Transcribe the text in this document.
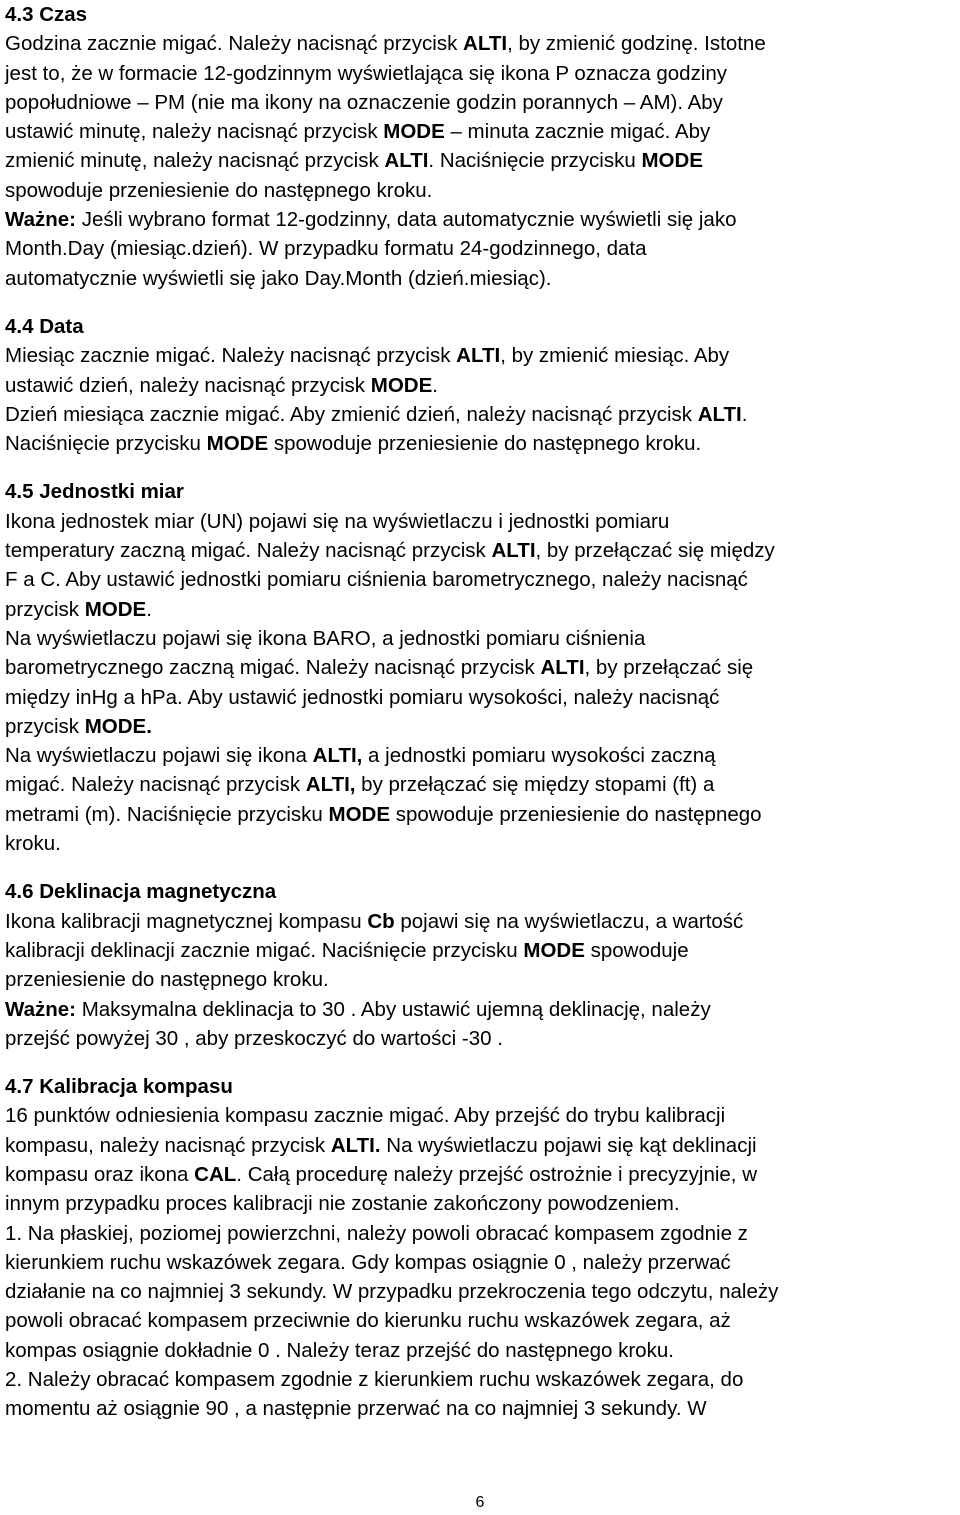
4.3 Czas
Godzina zacznie migać. Należy nacisnąć przycisk ALTI, by zmienić godzinę. Istotne
jest to, że w formacie 12-godzinnym wyświetlająca się ikona P oznacza godziny
popołudniowe – PM (nie ma ikony na oznaczenie godzin porannych – AM). Aby
ustawić minutę, należy nacisnąć przycisk MODE – minuta zacznie migać. Aby
zmienić minutę, należy nacisnąć przycisk ALTI. Naciśnięcie przycisku MODE
spowoduje przeniesienie do następnego kroku.
Ważne: Jeśli wybrano format 12-godzinny, data automatycznie wyświetli się jako
Month.Day (miesiąc.dzień). W przypadku formatu 24-godzinnego, data
automatycznie wyświetli się jako Day.Month (dzień.miesiąc).
4.4 Data
Miesiąc zacznie migać. Należy nacisnąć przycisk ALTI, by zmienić miesiąc. Aby
ustawić dzień, należy nacisnąć przycisk MODE.
Dzień miesiąca zacznie migać. Aby zmienić dzień, należy nacisnąć przycisk ALTI.
Naciśnięcie przycisku MODE spowoduje przeniesienie do następnego kroku.
4.5 Jednostki miar
Ikona jednostek miar (UN) pojawi się na wyświetlaczu i jednostki pomiaru
temperatury zaczną migać. Należy nacisnąć przycisk ALTI, by przełączać się między
F a C. Aby ustawić jednostki pomiaru ciśnienia barometrycznego, należy nacisnąć
przycisk MODE.
Na wyświetlaczu pojawi się ikona BARO, a jednostki pomiaru ciśnienia
barometrycznego zaczną migać. Należy nacisnąć przycisk ALTI, by przełączać się
między inHg a hPa. Aby ustawić jednostki pomiaru wysokości, należy nacisnąć
przycisk MODE.
Na wyświetlaczu pojawi się ikona ALTI, a jednostki pomiaru wysokości zaczną
migać. Należy nacisnąć przycisk ALTI, by przełączać się między stopami (ft) a
metrami (m). Naciśnięcie przycisku MODE spowoduje przeniesienie do następnego
kroku.
4.6 Deklinacja magnetyczna
Ikona kalibracji magnetycznej kompasu Cb pojawi się na wyświetlaczu, a wartość
kalibracji deklinacji zacznie migać. Naciśnięcie przycisku MODE spowoduje
przeniesienie do następnego kroku.
Ważne: Maksymalna deklinacja to 30 . Aby ustawić ujemną deklinację, należy
przejść powyżej 30 , aby przeskoczyć do wartości -30 .
4.7 Kalibracja kompasu
16 punktów odniesienia kompasu zacznie migać. Aby przejść do trybu kalibracji
kompasu, należy nacisnąć przycisk ALTI. Na wyświetlaczu pojawi się kąt deklinacji
kompasu oraz ikona CAL. Całą procedurę należy przejść ostrożnie i precyzyjnie, w
innym przypadku proces kalibracji nie zostanie zakończony powodzeniem.
1. Na płaskiej, poziomej powierzchni, należy powoli obracać kompasem zgodnie z
kierunkiem ruchu wskazówek zegara. Gdy kompas osiągnie 0 , należy przerwać
działanie na co najmniej 3 sekundy. W przypadku przekroczenia tego odczytu, należy
powoli obracać kompasem przeciwnie do kierunku ruchu wskazówek zegara, aż
kompas osiągnie dokładnie 0 . Należy teraz przejść do następnego kroku.
2. Należy obracać kompasem zgodnie z kierunkiem ruchu wskazówek zegara, do
momentu aż osiągnie 90 , a następnie przerwać na co najmniej 3 sekundy. W
6
